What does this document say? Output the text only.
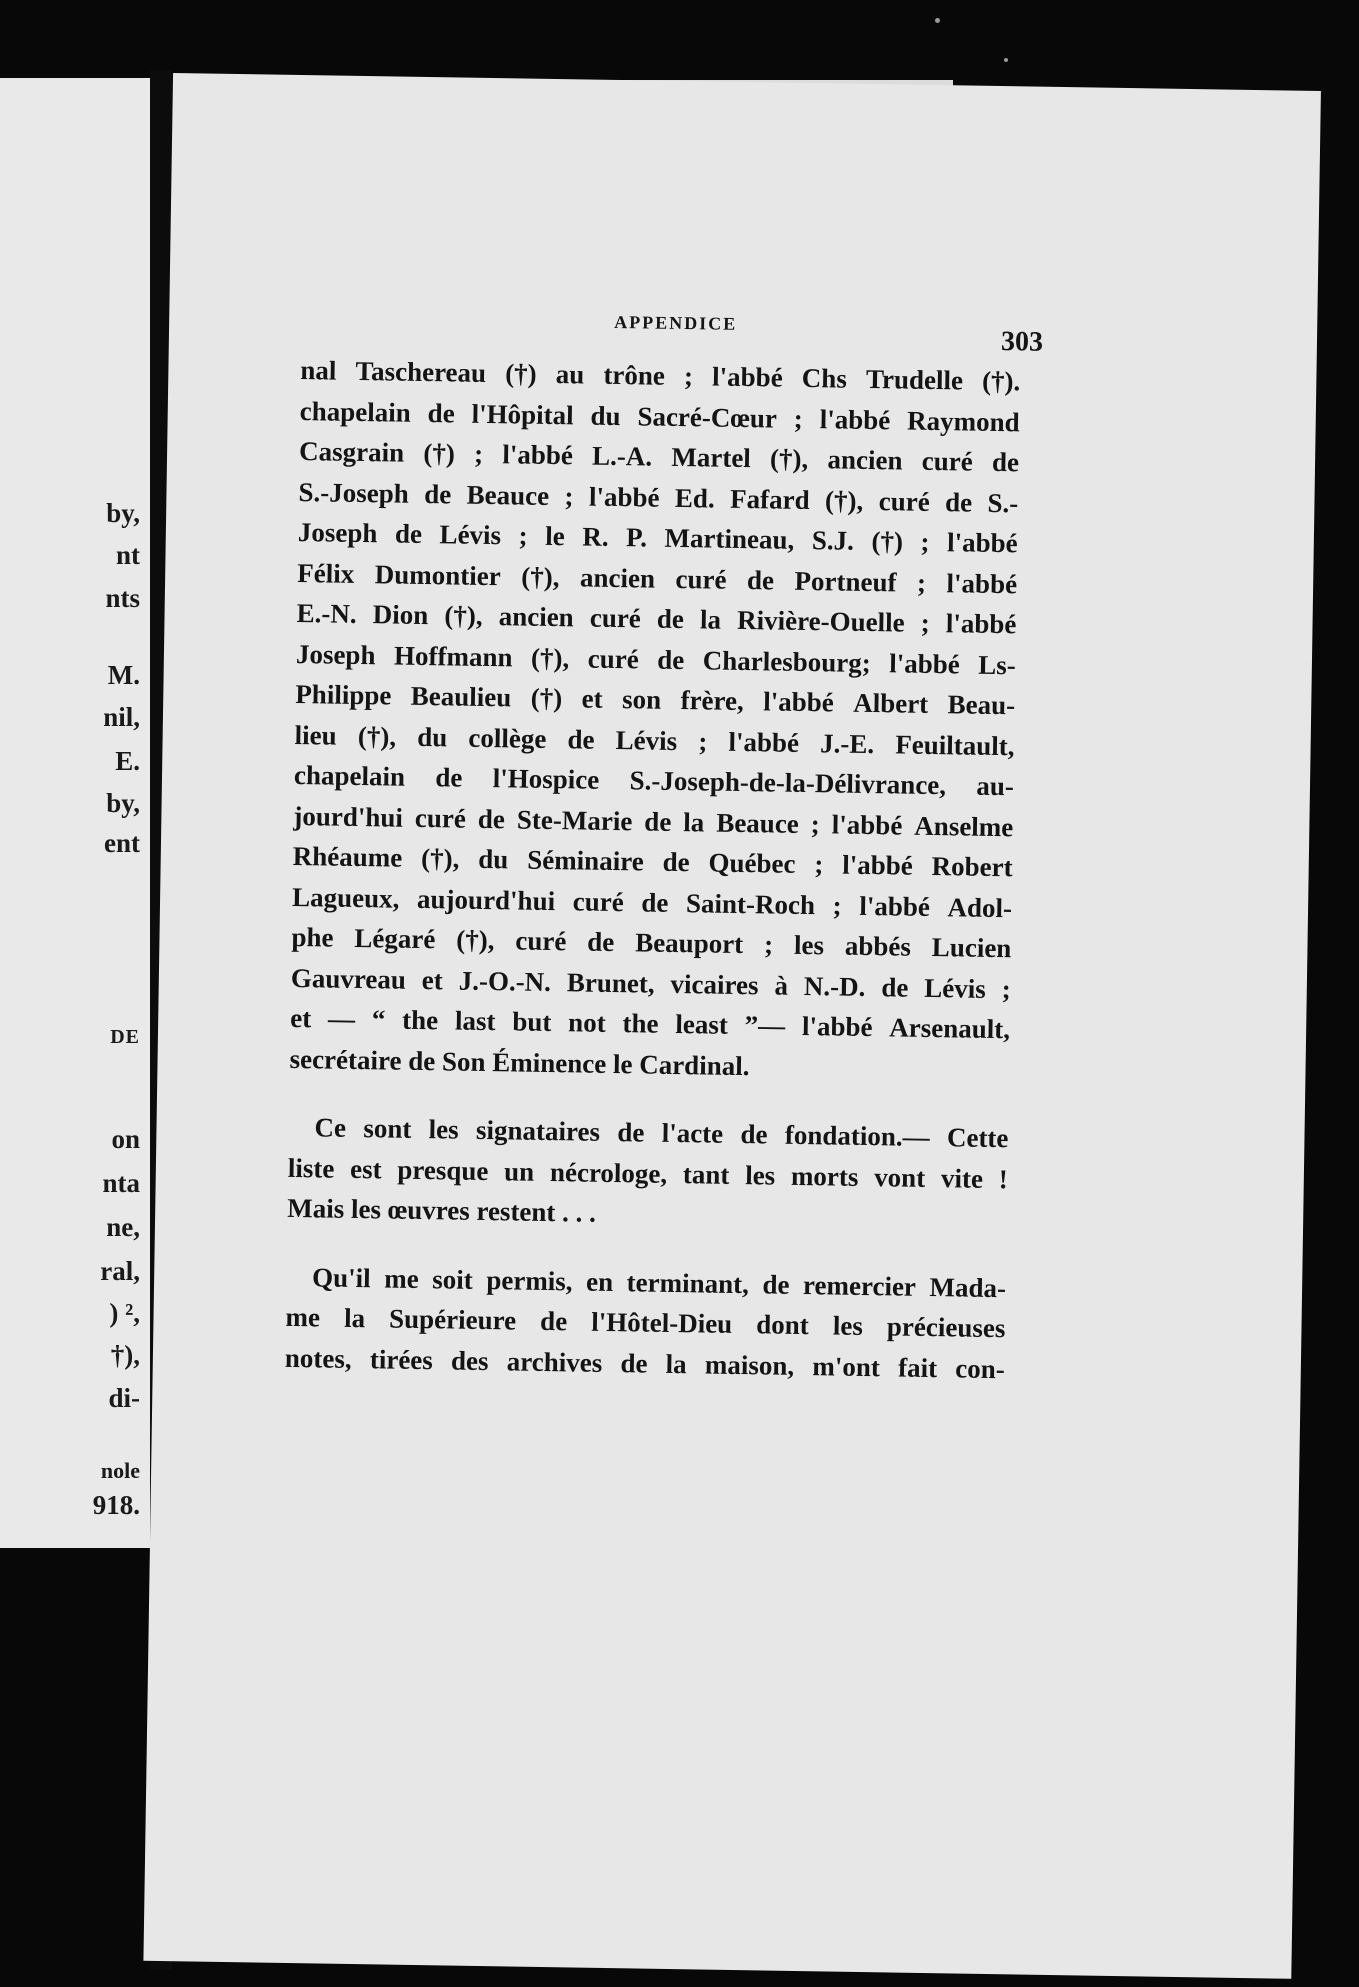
by,
nt
nts
M.
nil,
E.
by,
ent
DE
on
nta
ne,
ral,
) ²,
†),
di-
nole
918.
APPENDICE
303
nal Taschereau (†) au trône ; l'abbé Chs Trudelle (†).
chapelain de l'Hôpital du Sacré-Cœur ; l'abbé Raymond
Casgrain (†) ; l'abbé L.-A. Martel (†), ancien curé de
S.-Joseph de Beauce ; l'abbé Ed. Fafard (†), curé de S.-
Joseph de Lévis ; le R. P. Martineau, S.J. (†) ; l'abbé
Félix Dumontier (†), ancien curé de Portneuf ; l'abbé
E.-N. Dion (†), ancien curé de la Rivière-Ouelle ; l'abbé
Joseph Hoffmann (†), curé de Charlesbourg; l'abbé Ls-
Philippe Beaulieu (†) et son frère, l'abbé Albert Beau-
lieu (†), du collège de Lévis ; l'abbé J.-E. Feuiltault,
chapelain de l'Hospice S.-Joseph-de-la-Délivrance, au-
jourd'hui curé de Ste-Marie de la Beauce ; l'abbé Anselme
Rhéaume (†), du Séminaire de Québec ; l'abbé Robert
Lagueux, aujourd'hui curé de Saint-Roch ; l'abbé Adol-
phe Légaré (†), curé de Beauport ; les abbés Lucien
Gauvreau et J.-O.-N. Brunet, vicaires à N.-D. de Lévis ;
et — “ the last but not the least ”— l'abbé Arsenault,
secrétaire de Son Éminence le Cardinal.
Ce sont les signataires de l'acte de fondation.— Cette
liste est presque un nécrologe, tant les morts vont vite !
Mais les œuvres restent . . .
Qu'il me soit permis, en terminant, de remercier Mada-
me la Supérieure de l'Hôtel-Dieu dont les précieuses
notes, tirées des archives de la maison, m'ont fait con-
